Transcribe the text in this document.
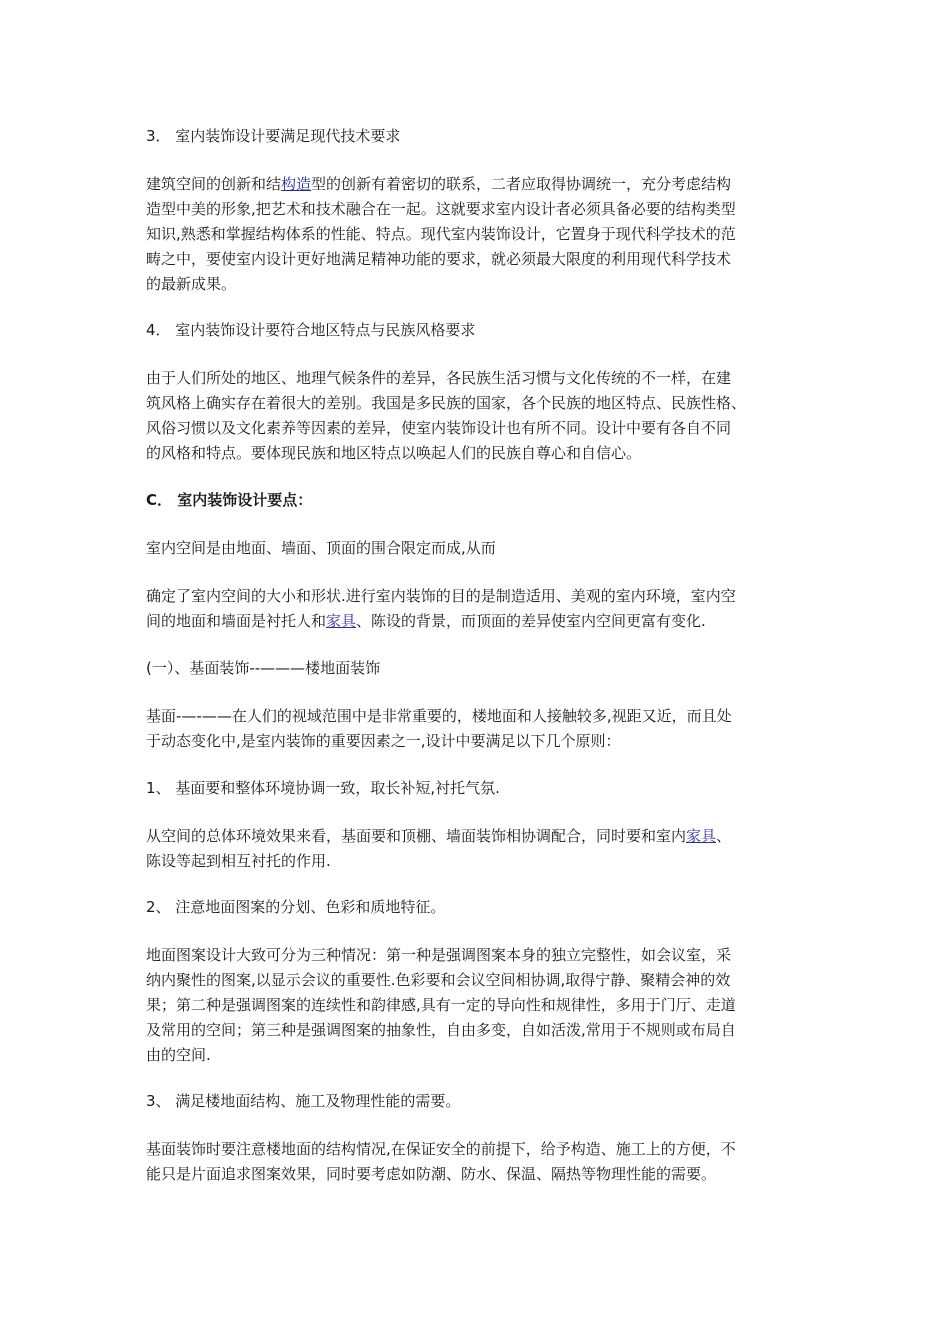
3． 室内装饰设计要满足现代技术要求

建筑空间的创新和结构造型的创新有着密切的联系，二者应取得协调统一，充分考虑结构
造型中美的形象,把艺术和技术融合在一起。这就要求室内设计者必须具备必要的结构类型
知识,熟悉和掌握结构体系的性能、特点。现代室内装饰设计，它置身于现代科学技术的范
畴之中，要使室内设计更好地满足精神功能的要求，就必须最大限度的利用现代科学技术
的最新成果。

4． 室内装饰设计要符合地区特点与民族风格要求

由于人们所处的地区、地理气候条件的差异，各民族生活习惯与文化传统的不一样，在建
筑风格上确实存在着很大的差别。我国是多民族的国家，各个民族的地区特点、民族性格、
风俗习惯以及文化素养等因素的差异，使室内装饰设计也有所不同。设计中要有各自不同
的风格和特点。要体现民族和地区特点以唤起人们的民族自尊心和自信心。

C． 室内装饰设计要点：

室内空间是由地面、墙面、顶面的围合限定而成,从而

确定了室内空间的大小和形状.进行室内装饰的目的是制造适用、美观的室内环境，室内空
间的地面和墙面是衬托人和家具、陈设的背景，而顶面的差异使室内空间更富有变化.

(一）、基面装饰--———楼地面装饰

基面-—-——在人们的视域范围中是非常重要的，楼地面和人接触较多,视距又近，而且处
于动态变化中,是室内装饰的重要因素之一,设计中要满足以下几个原则：

1、 基面要和整体环境协调一致，取长补短,衬托气氛.

从空间的总体环境效果来看，基面要和顶棚、墙面装饰相协调配合，同时要和室内家具、
陈设等起到相互衬托的作用.

2、 注意地面图案的分划、色彩和质地特征。

地面图案设计大致可分为三种情况：第一种是强调图案本身的独立完整性，如会议室，采
纳内聚性的图案,以显示会议的重要性.色彩要和会议空间相协调,取得宁静、聚精会神的效
果；第二种是强调图案的连续性和韵律感,具有一定的导向性和规律性，多用于门厅、走道
及常用的空间；第三种是强调图案的抽象性，自由多变，自如活泼,常用于不规则或布局自
由的空间.

3、 满足楼地面结构、施工及物理性能的需要。

基面装饰时要注意楼地面的结构情况,在保证安全的前提下，给予构造、施工上的方便，不
能只是片面追求图案效果，同时要考虑如防潮、防水、保温、隔热等物理性能的需要。
